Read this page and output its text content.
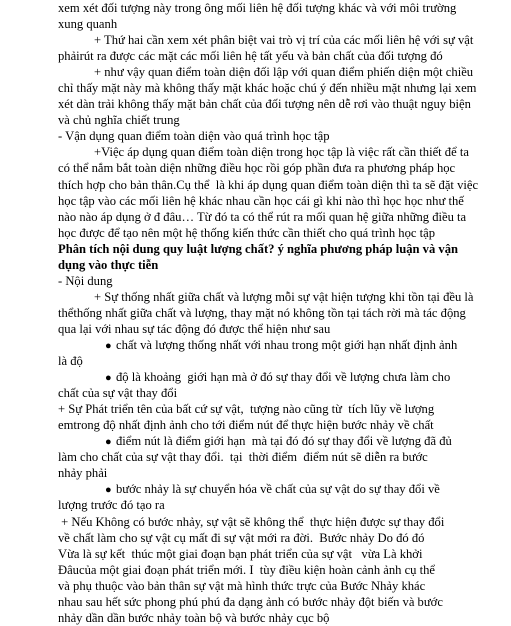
xem xét đối tượng này trong ông mối liên hệ đối tượng khác và với môi trường
xung quanh
+ Thứ hai cần xem xét phân biệt vai trò vị trí của các mối liên hệ với sự vật
phảirút ra được các mặt các mối liên hệ tất yếu và bản chất của đối tượng đó
+ như vậy quan điểm toàn diện đối lập với quan điểm phiến diện một chiều
chỉ thấy mặt này mà không thấy mặt khác hoặc chú ý đến nhiều mặt nhưng lại xem
xét dàn trải không thấy mặt bản chất của đối tượng nên dễ rơi vào thuật nguy biện
và chủ nghĩa chiết trung
- Vận dụng quan điểm toàn diện vào quá trình học tập
+Việc áp dụng quan điểm toàn diện trong học tập là việc rất cần thiết để ta
có thể nắm bắt toàn diện những điều học rồi góp phần đưa ra phương pháp học
thích hợp cho bản thân.Cụ thể  là khi áp dụng quan điểm toàn diện thì ta sẽ đặt việc
học tập vào các mối liên hệ khác nhau cần học cái gì khi nào thì học học như thế
nào nào áp dụng ở đ đâu… Từ đó ta có thể rút ra mối quan hệ giữa những điều ta
học được để tạo nên một hệ thống kiến thức cần thiết cho quá trình học tập
Phân tích nội dung quy luật lượng chất? ý nghĩa phương pháp luận và vận
dụng vào thực tiễn
- Nội dung
+ Sự thống nhất giữa chất và lượng mỗi sự vật hiện tượng khi tồn tại đều là
thểthống nhất giữa chất và lượng, thay mặt nó không tồn tại tách rời mà tác động
qua lại với nhau sự tác động đó được thể hiện như sau
● chất và lượng thống nhất với nhau trong một giới hạn nhất định ảnh
là độ
● độ là khoảng  giới hạn mà ở đó sự thay đổi về lượng chưa làm cho
chất của sự vật thay đổi
+ Sự Phát triển tên của bất cứ sự vật,  tượng nào cũng từ  tích lũy về lượng
emtrong độ nhất định ảnh cho tới điểm nút để thực hiện bước nhảy về chất
● điểm nút là điểm giới hạn  mà tại đó đó sự thay đổi về lượng đã đủ
làm cho chất của sự vật thay đổi.  tại  thời điểm  điểm nút sẽ diễn ra bước
nhảy phải
● bước nhảy là sự chuyển hóa về chất của sự vật do sự thay đổi về
lượng trước đó tạo ra
+ Nếu Không có bước nhảy, sự vật sẽ không thể  thực hiện được sự thay đổi
về chất làm cho sự vật cụ mất đi sự vật mới ra đời.  Bước nhảy Do đó đó
Vừa là sự kết  thúc một giai đoạn bạn phát triển của sự vật   vừa Là khởi
Đâucủa một giai đoạn phát triển mới. I  tùy điều kiện hoàn cảnh ảnh cụ thể
và phụ thuộc vào bản thân sự vật mà hình thức trực của Bước Nhảy khác
nhau sau hết sức phong phú phú đa dạng ảnh có bước nhảy đột biến và bước
nhảy dần dần bước nhảy toàn bộ và bước nhảy cục bộ
